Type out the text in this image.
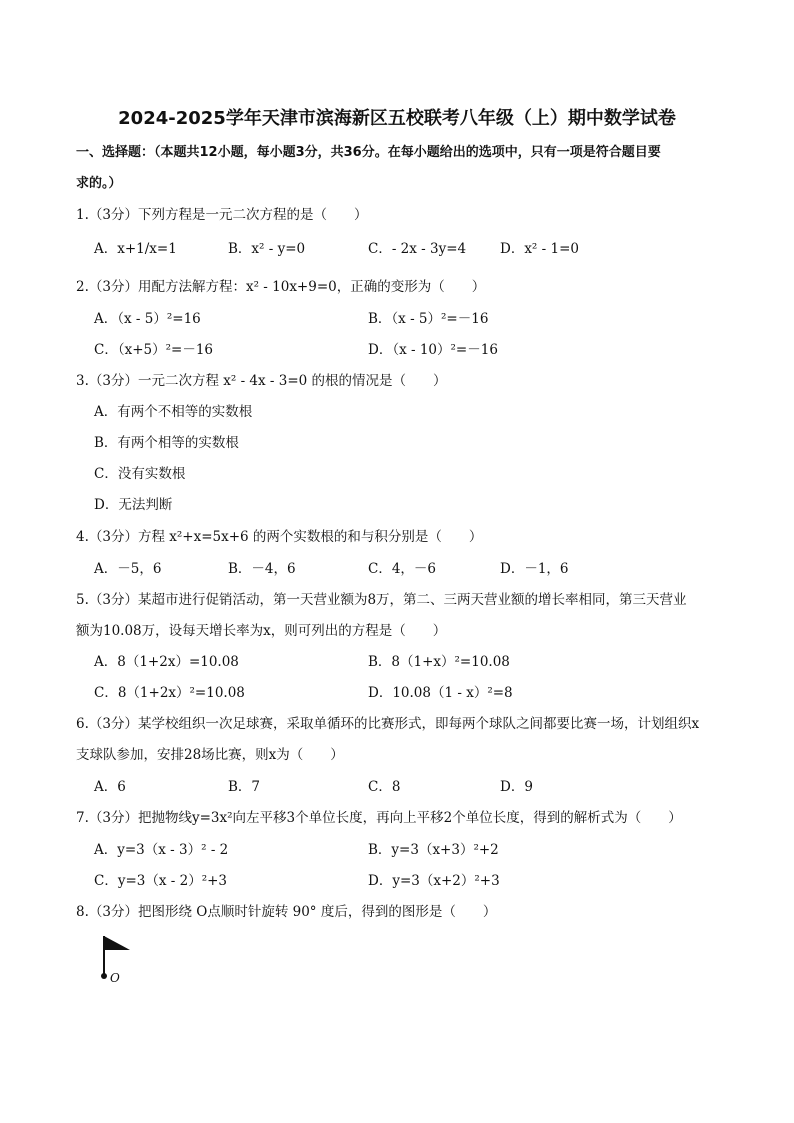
2024-2025学年天津市滨海新区五校联考八年级（上）期中数学试卷
一、选择题：（本题共12小题，每小题3分，共36分。在每小题给出的选项中，只有一项是符合题目要
求的。）
1.（3分）下列方程是一元二次方程的是（　　）
A．x+1/x=1	B．x² - y=0	C．- 2x - 3y=4	D．x² - 1=0
2.（3分）用配方法解方程：x² - 10x+9=0，正确的变形为（　　）
A．（x - 5）²=16	B．（x - 5）²=－16
C．（x+5）²=－16	D．（x - 10）²=－16
3.（3分）一元二次方程 x² - 4x - 3=0 的根的情况是（　　）
A．有两个不相等的实数根
B．有两个相等的实数根
C．没有实数根
D．无法判断
4.（3分）方程 x²+x=5x+6 的两个实数根的和与积分别是（　　）
A．－5，6	B．－4，6	C．4，－6	D．－1，6
5.（3分）某超市进行促销活动，第一天营业额为8万，第二、三两天营业额的增长率相同，第三天营业
额为10.08万，设每天增长率为x，则可列出的方程是（　　）
A．8（1+2x）=10.08	B．8（1+x）²=10.08
C．8（1+2x）²=10.08	D．10.08（1 - x）²=8
6.（3分）某学校组织一次足球赛，采取单循环的比赛形式，即每两个球队之间都要比赛一场，计划组织x
支球队参加，安排28场比赛，则x为（　　）
A．6	B．7	C．8	D．9
7.（3分）把抛物线y=3x²向左平移3个单位长度，再向上平移2个单位长度，得到的解析式为（　　）
A．y=3（x - 3）² - 2	B．y=3（x+3）²+2
C．y=3（x - 2）²+3	D．y=3（x+2）²+3
8.（3分）把图形绕 O点顺时针旋转 90° 度后，得到的图形是（　　）
O
